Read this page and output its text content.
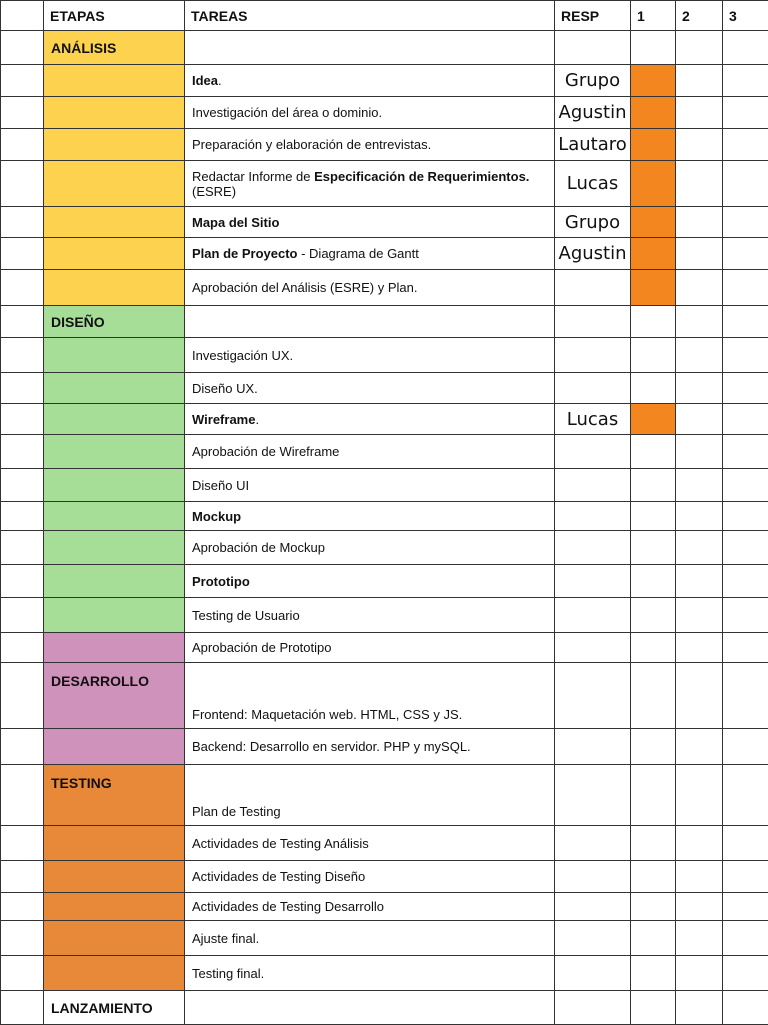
	ETAPAS	TAREAS	RESP	1	2	3
	ANÁLISIS					
		Idea.	Grupo			
		Investigación del área o dominio.	Agustin			
		Preparación y elaboración de entrevistas.	Lautaro			
		Redactar Informe de Especificación de Requerimientos. (ESRE)	Lucas			
		Mapa del Sitio	Grupo			
		Plan de Proyecto - Diagrama de Gantt	Agustin			
		Aprobación del Análisis (ESRE) y Plan.				
	DISEÑO					
		Investigación UX.				
		Diseño UX.				
		Wireframe.	Lucas			
		Aprobación de Wireframe				
		Diseño UI				
		Mockup				
		Aprobación de Mockup				
		Prototipo				
		Testing de Usuario				
		Aprobación de Prototipo				
	DESARROLLO	Frontend: Maquetación web. HTML, CSS y JS.				
		Backend: Desarrollo en servidor. PHP y mySQL.				
	TESTING	Plan de Testing				
		Actividades de Testing Análisis				
		Actividades de Testing Diseño				
		Actividades de Testing Desarrollo				
		Ajuste final.				
		Testing final.				
	LANZAMIENTO					
